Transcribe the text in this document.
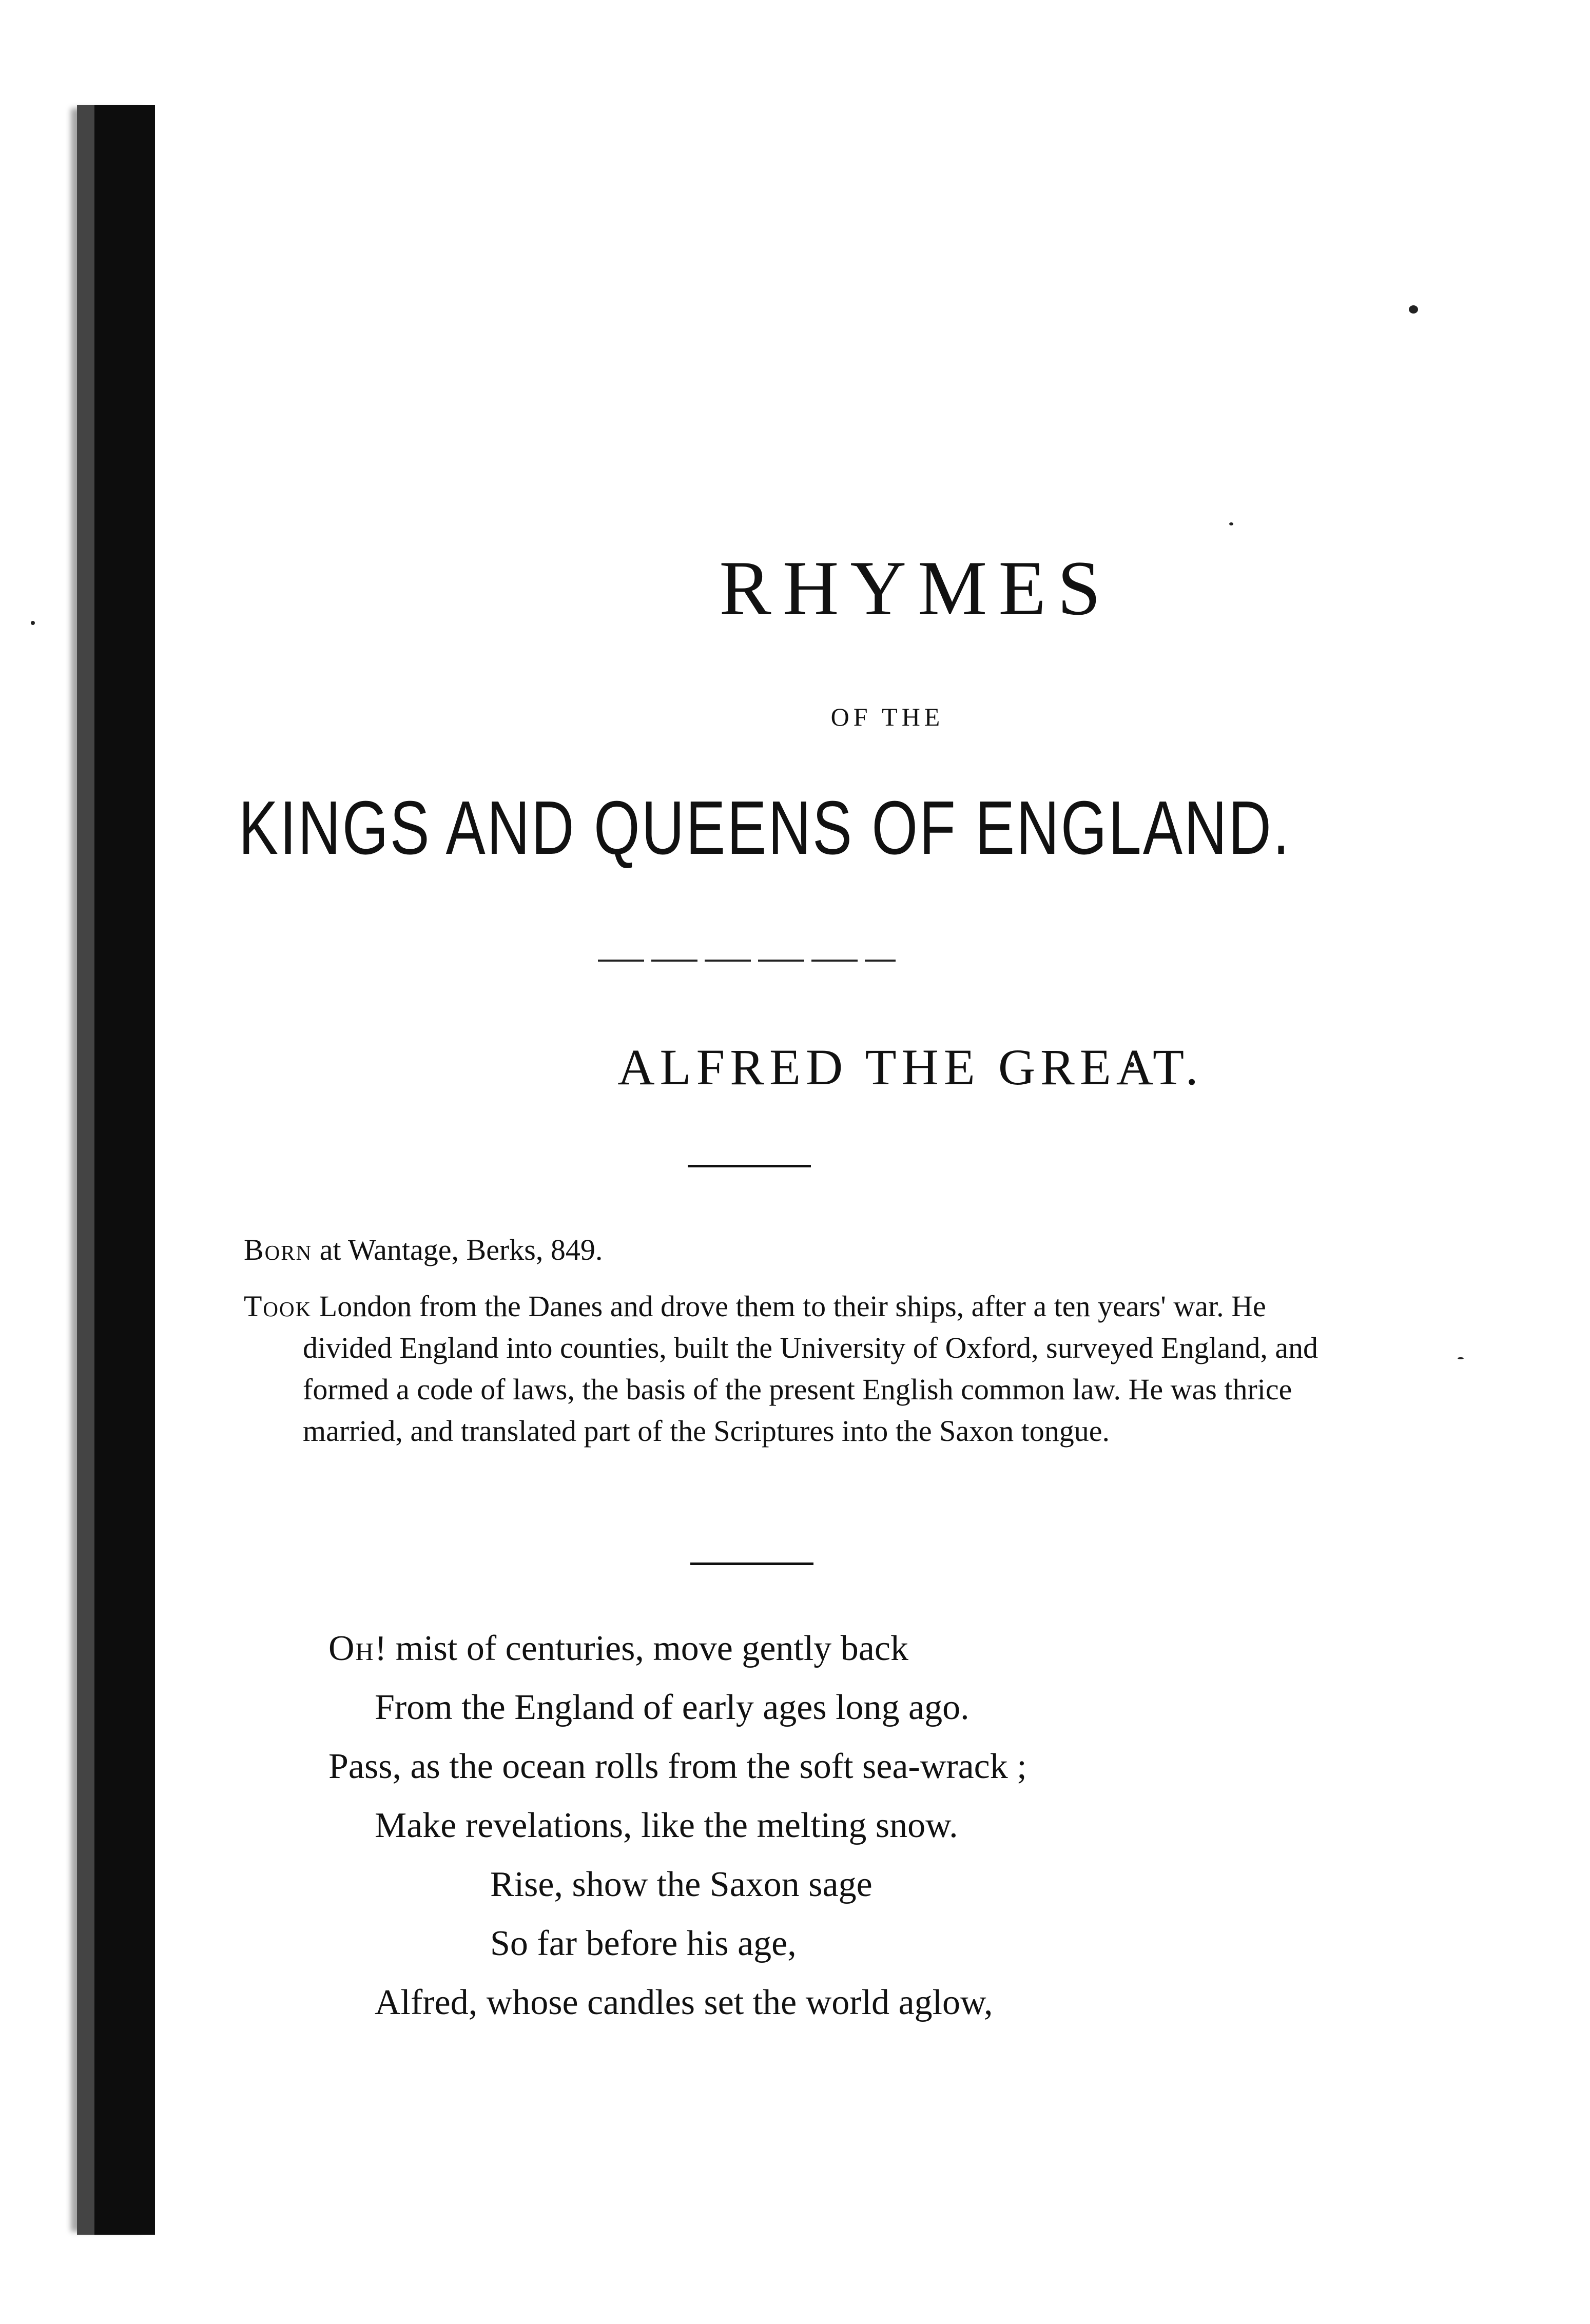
RHYMES
OF THE
KINGS AND QUEENS OF ENGLAND.
ALFRED THE GREAT.
Born at Wantage, Berks, 849.
Took London from the Danes and drove them to their ships, after a ten years' war. He divided England into counties, built the University of Oxford, surveyed England, and formed a code of laws, the basis of the present English common law. He was thrice married, and translated part of the Scriptures into the Saxon tongue.
Oh! mist of centuries, move gently back
From the England of early ages long ago.
Pass, as the ocean rolls from the soft sea-wrack ;
Make revelations, like the melting snow.
Rise, show the Saxon sage
So far before his age,
Alfred, whose candles set the world aglow,
